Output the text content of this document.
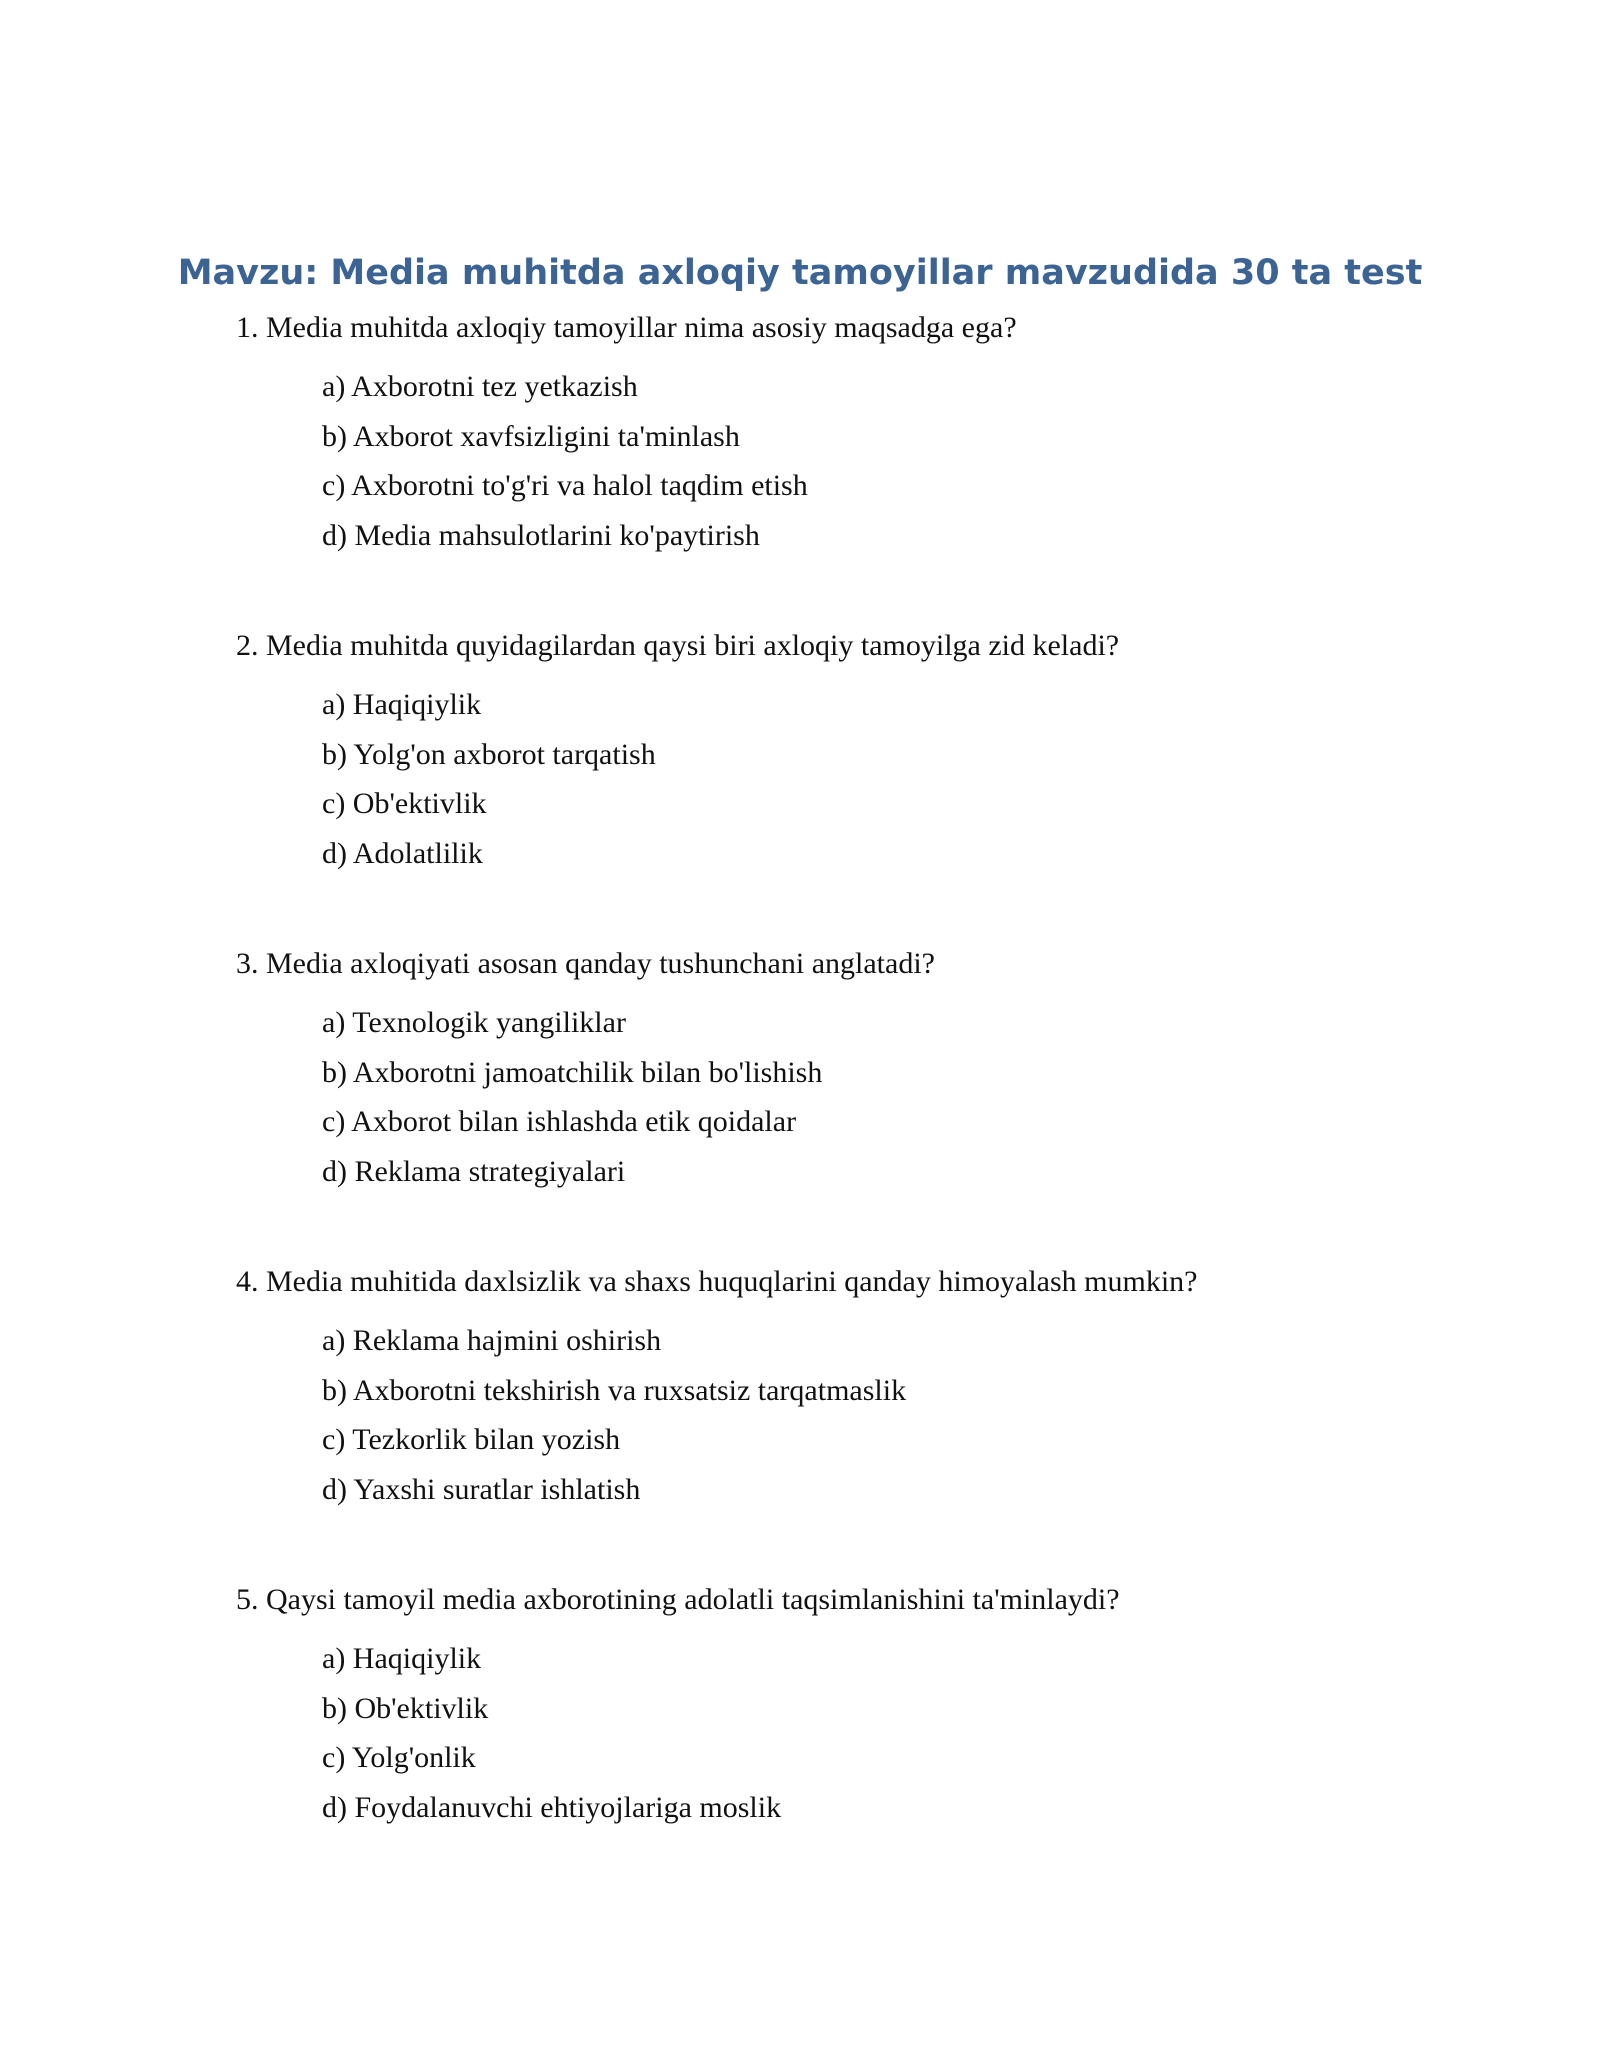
Mavzu: Media muhitda axloqiy tamoyillar mavzudida 30 ta test

1. Media muhitda axloqiy tamoyillar nima asosiy maqsadga ega?

a) Axborotni tez yetkazish
b) Axborot xavfsizligini ta'minlash
c) Axborotni to'g'ri va halol taqdim etish
d) Media mahsulotlarini ko'paytirish

2. Media muhitda quyidagilardan qaysi biri axloqiy tamoyilga zid keladi?

a) Haqiqiylik
b) Yolg'on axborot tarqatish
c) Ob'ektivlik
d) Adolatlilik

3. Media axloqiyati asosan qanday tushunchani anglatadi?

a) Texnologik yangiliklar
b) Axborotni jamoatchilik bilan bo'lishish
c) Axborot bilan ishlashda etik qoidalar
d) Reklama strategiyalari

4. Media muhitida daxlsizlik va shaxs huquqlarini qanday himoyalash mumkin?

a) Reklama hajmini oshirish
b) Axborotni tekshirish va ruxsatsiz tarqatmaslik
c) Tezkorlik bilan yozish
d) Yaxshi suratlar ishlatish

5. Qaysi tamoyil media axborotining adolatli taqsimlanishini ta'minlaydi?

a) Haqiqiylik
b) Ob'ektivlik
c) Yolg'onlik
d) Foydalanuvchi ehtiyojlariga moslik
